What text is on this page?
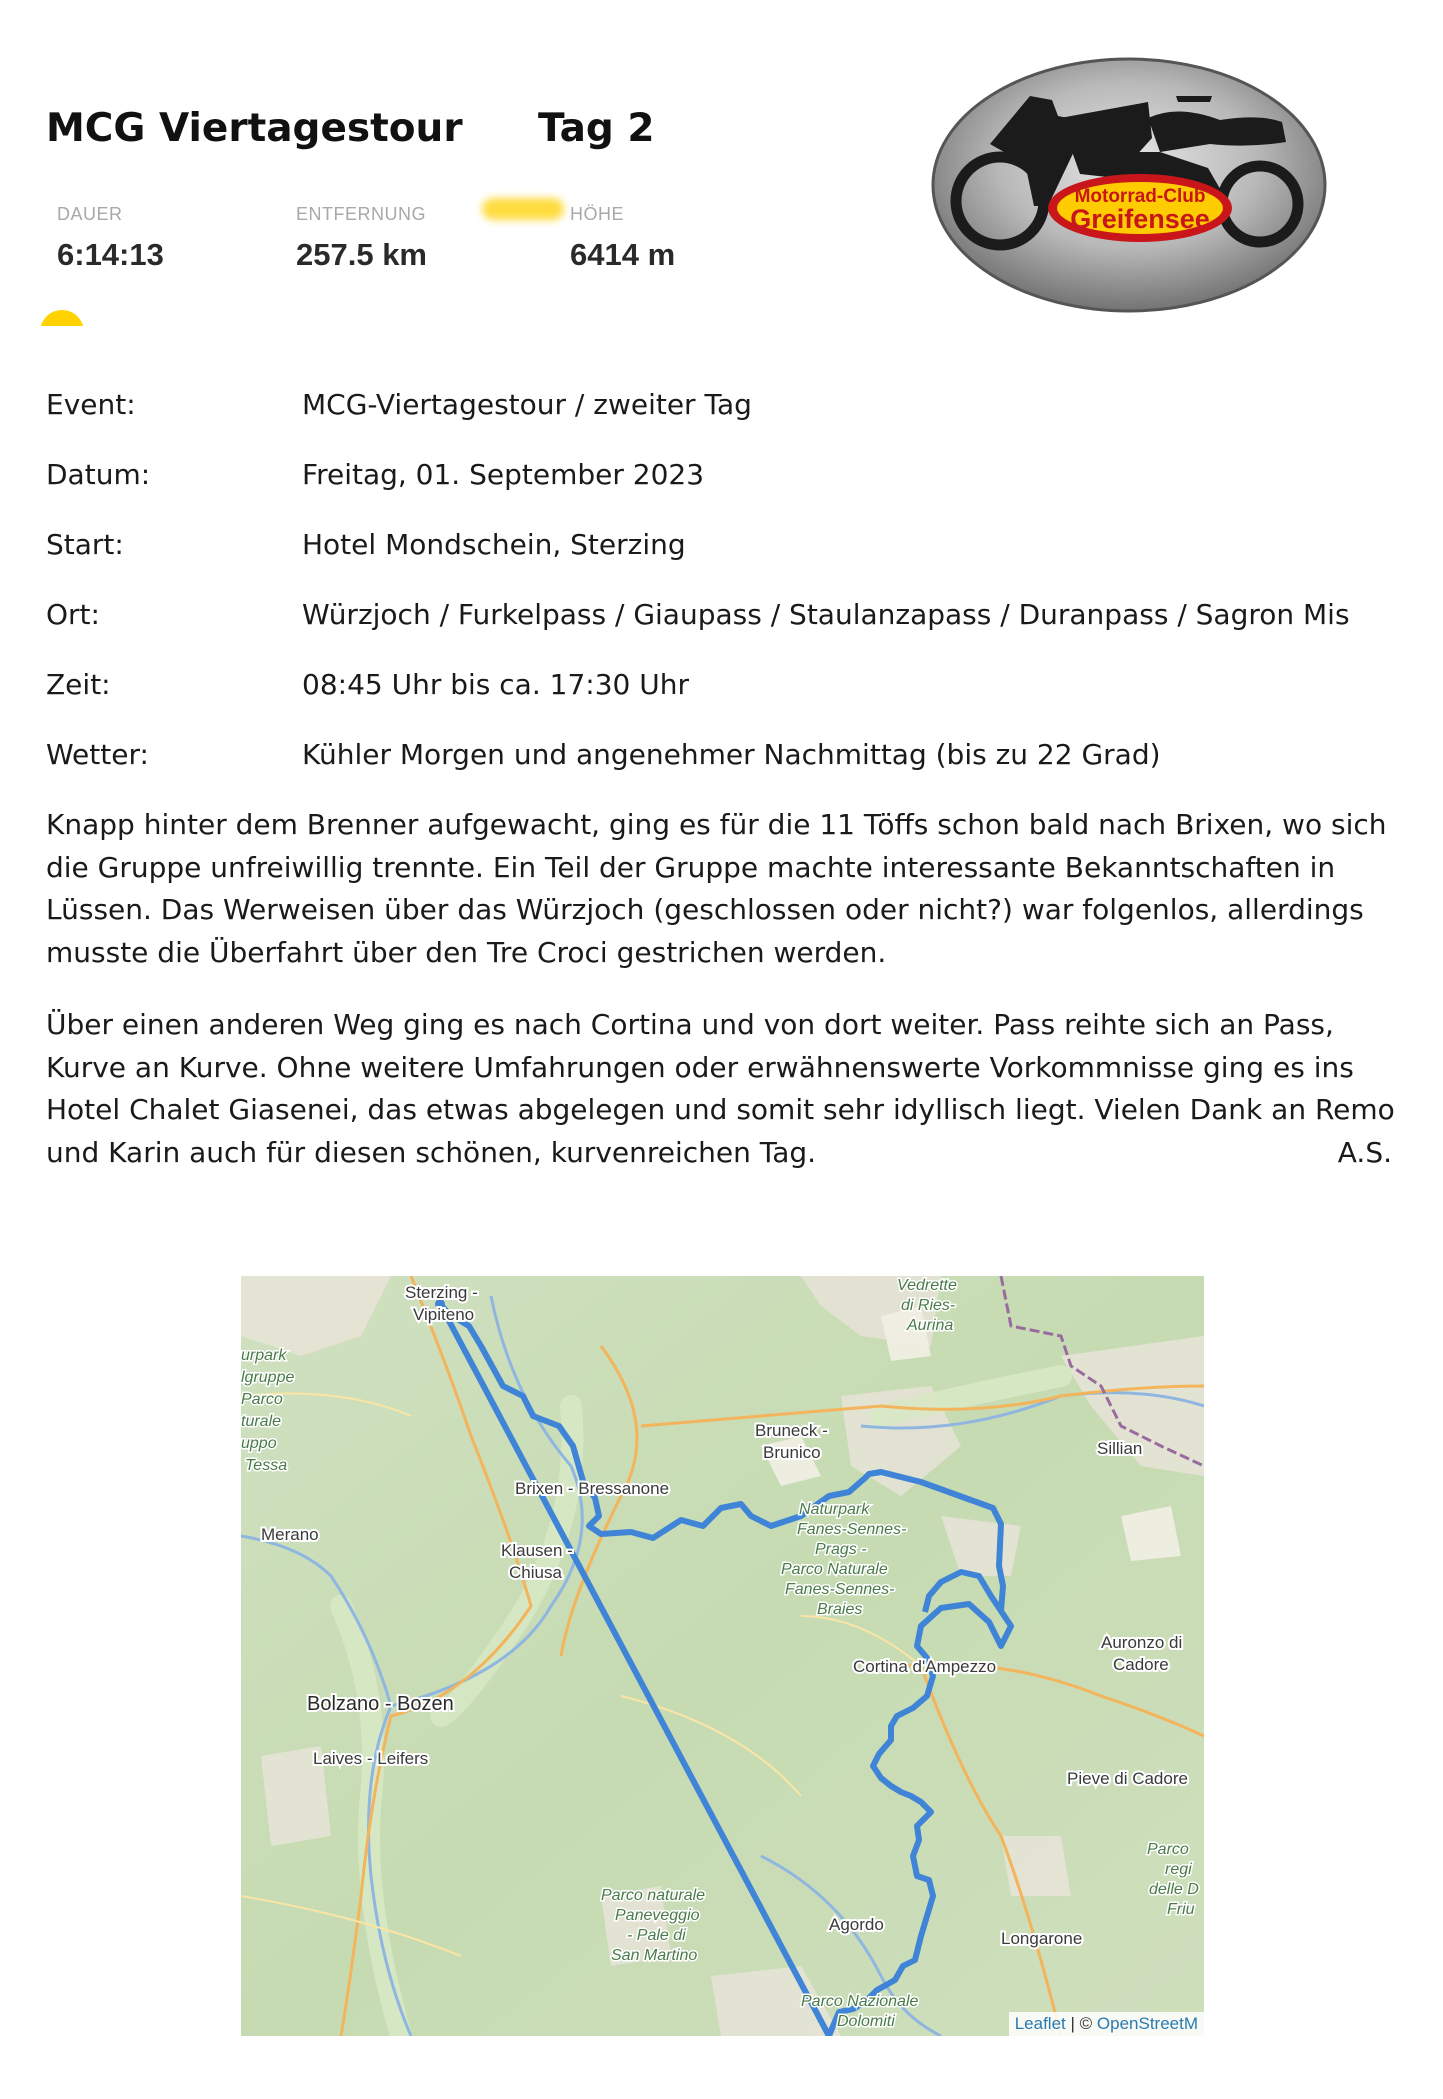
MCG Viertagestour Tag 2
DAUER
6:14:13
ENTFERNUNG
257.5 km
HÖHE
6414 m
Motorrad-Club
Greifensee
Event:	MCG-Viertagestour / zweiter Tag
Datum:	Freitag, 01. September 2023
Start:	Hotel Mondschein, Sterzing
Ort:	Würzjoch / Furkelpass / Giaupass / Staulanzapass / Duranpass / Sagron Mis
Zeit:	08:45 Uhr bis ca. 17:30 Uhr
Wetter:	Kühler Morgen und angenehmer Nachmittag (bis zu 22 Grad)
Knapp hinter dem Brenner aufgewacht, ging es für die 11 Töffs schon bald nach Brixen, wo sich die Gruppe unfreiwillig trennte. Ein Teil der Gruppe machte interessante Bekanntschaften in Lüssen. Das Werweisen über das Würzjoch (geschlossen oder nicht?) war folgenlos, allerdings musste die Überfahrt über den Tre Croci gestrichen werden.
Über einen anderen Weg ging es nach Cortina und von dort weiter. Pass reihte sich an Pass, Kurve an Kurve. Ohne weitere Umfahrungen oder erwähnenswerte Vorkommnisse ging es ins Hotel Chalet Giasenei, das etwas abgelegen und somit sehr idyllisch liegt. Vielen Dank an Remo und Karin auch für diesen schönen, kurvenreichen Tag.	A.S.
Sterzing -
Vipiteno
Bruneck -
Brunico	Sillian
Brixen - Bressanone
Merano
Klausen -
Chiusa
Cortina d'Ampezzo
Auronzo di
Cadore
Pieve di Cadore
Laives - Leifers
Agordo
Longarone
Bolzano - Bozen
Vedrette
di Ries-
Aurina
Naturpark
Fanes-Sennes-
Prags -
Parco Naturale
Fanes-Sennes-
Braies
Parco naturale
Paneveggio
- Pale di
San Martino
Parco Nazionale
Dolomiti
urpark
lgruppe
Parco
turale
uppo
Tessa
Parco
regi
delle D
Friu
Leaflet | © OpenStreetM
